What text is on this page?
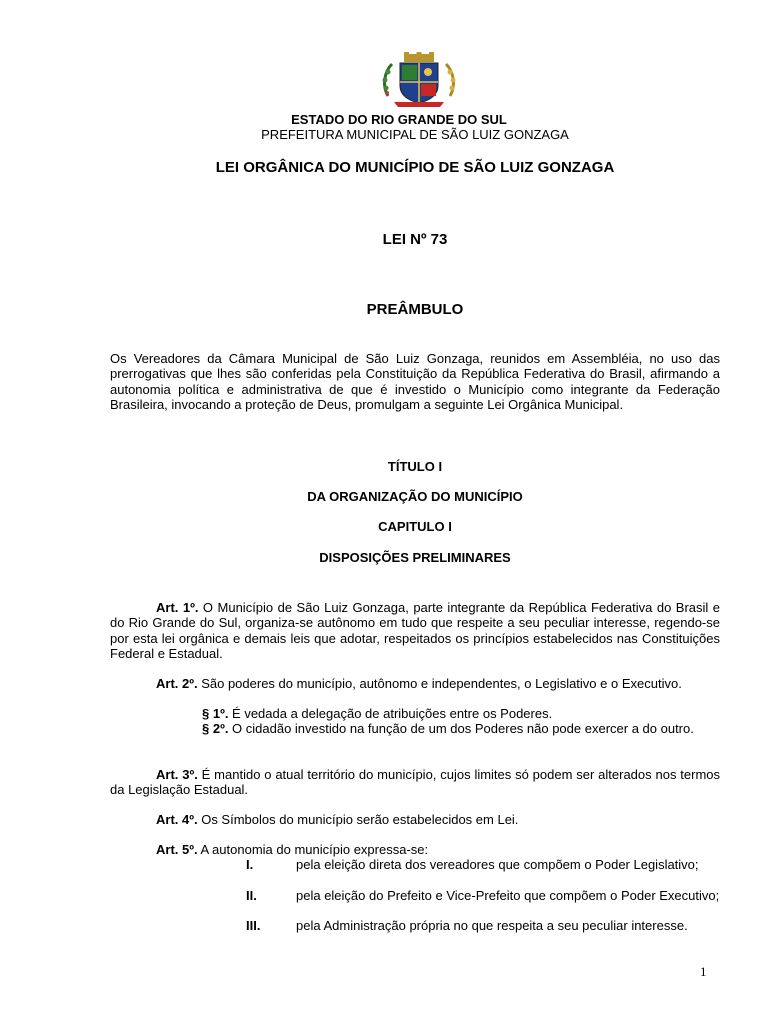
ESTADO DO RIO GRANDE DO SUL
PREFEITURA MUNICIPAL DE SÃO LUIZ GONZAGA
LEI ORGÂNICA DO MUNICÍPIO DE SÃO LUIZ GONZAGA
LEI Nº 73
PREÂMBULO
Os Vereadores da Câmara Municipal de São Luiz Gonzaga, reunidos em Assembléia, no uso das prerrogativas que lhes são conferidas pela Constituição da República Federativa do Brasil, afirmando a autonomia política e administrativa de que é investido o Município como integrante da Federação Brasileira, invocando a proteção de Deus, promulgam a seguinte Lei Orgânica Municipal.
TÍTULO I
DA ORGANIZAÇÃO DO MUNICÍPIO
CAPITULO I
DISPOSIÇÕES PRELIMINARES
Art. 1º. O Município de São Luiz Gonzaga, parte integrante da República Federativa do Brasil e do Rio Grande do Sul, organiza-se autônomo em tudo que respeite a seu peculiar interesse, regendo-se por esta lei orgânica e demais leis que adotar, respeitados os princípios estabelecidos nas Constituições Federal e Estadual.
Art. 2º. São poderes do município, autônomo e independentes, o Legislativo e o Executivo.
§ 1º. É vedada a delegação de atribuições entre os Poderes.
§ 2º. O cidadão investido na função de um dos Poderes não pode exercer a do outro.
Art. 3º. É mantido o atual território do município, cujos limites só podem ser alterados nos termos da Legislação Estadual.
Art. 4º. Os Símbolos do município serão estabelecidos em Lei.
Art. 5º. A autonomia do município expressa-se:
I.	pela eleição direta dos vereadores que compõem o Poder Legislativo;
II.	pela eleição do Prefeito e Vice-Prefeito que compõem o Poder Executivo;
III.	pela Administração própria no que respeita a seu peculiar interesse.
1
